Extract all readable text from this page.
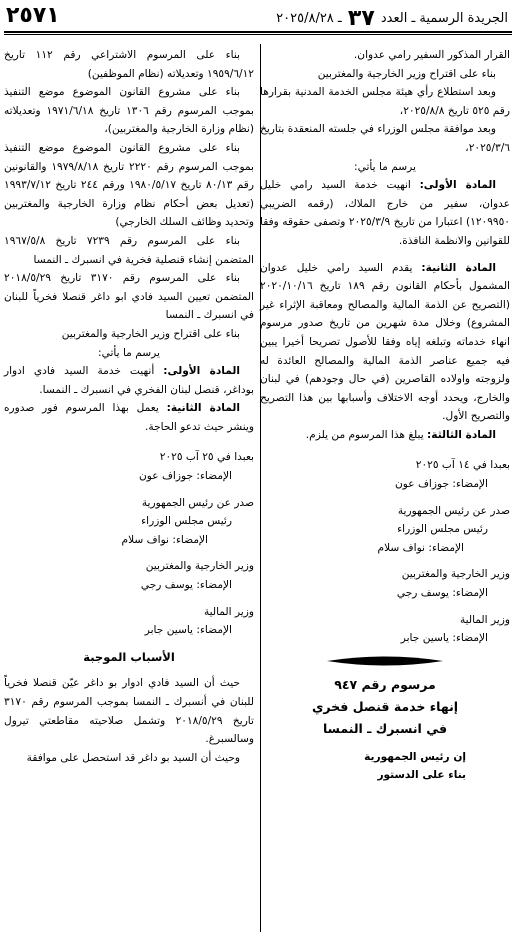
الجريدة الرسمية ـ العدد ٣٧ ـ ٢٠٢٥/٨/٢٨
٢٥٧١

القرار المذكور السفير رامي عدوان.

بناء على اقتراح وزير الخارجية والمغتربين

وبعد استطلاع رأي هيئة مجلس الخدمة المدنية بقرارها رقم ٥٢٥ تاريخ ٢٠٢٥/٨/٨،

وبعد موافقة مجلس الوزراء في جلسته المنعقدة بتاريخ ٢٠٢٥/٣/٦،

يرسم ما يأتي:

المادة الأولى: انهيت خدمة السيد رامي خليل عدوان، سفير من خارج الملاك، (رقمه الضريبي ١٢٠٩٩٥٠) اعتبارا من تاريخ ٢٠٢٥/٣/٩ وتصفى حقوقه وفقا للقوانين والانظمة النافذة.

المادة الثانية: يقدم السيد رامي خليل عدوان المشمول بأحكام القانون رقم ١٨٩ تاريخ ٢٠٢٠/١٠/١٦ (التصريح عن الذمة المالية والمصالح ومعاقبة الإثراء غير المشروع) وخلال مدة شهرين من تاريخ صدور مرسوم انهاء خدماته وتبلغه إياه وفقا للأصول تصريحا أخيرا يبين فيه جميع عناصر الذمة المالية والمصالح العائدة له ولزوجته واولاده القاصرين (في حال وجودهم) في لبنان والخارج، ويحدد أوجه الاختلاف وأسبابها بين هذا التصريح والتصريح الأول.

المادة الثالثة: يبلغ هذا المرسوم من يلزم.

بعبدا في ١٤ آب ٢٠٢٥

الإمضاء: جوزاف عون

صدر عن رئيس الجمهورية

رئيس مجلس الوزراء

الإمضاء: نواف سلام

وزير الخارجية والمغتربين

الإمضاء: يوسف رجي

وزير المالية

الإمضاء: ياسين جابر

مرسوم رقم ٩٤٧

إنهاء خدمة قنصل فخري

في انسبرك ـ النمسا

إن رئيس الجمهورية

بناء على الدستور

بناء على المرسوم الاشتراعي رقم ١١٢ تاريخ ١٩٥٩/٦/١٢ وتعديلاته (نظام الموظفين)

بناء على مشروع القانون الموضوع موضع التنفيذ بموجب المرسوم رقم ١٣٠٦ تاريخ ١٩٧١/٦/١٨ وتعديلاته (نظام وزارة الخارجية والمغتربين)،

بناء على مشروع القانون الموضوع موضع التنفيذ بموجب المرسوم رقم ٢٢٢٠ تاريخ ١٩٧٩/٨/١٨ والقانونين رقم ٨٠/١٣ تاريخ ١٩٨٠/٥/١٧ ورقم ٢٤٤ تاريخ ١٩٩٣/٧/١٢ (تعديل بعض أحكام نظام وزارة الخارجية والمغتربين وتحديد وظائف السلك الخارجي)

بناء على المرسوم رقم ٧٢٣٩ تاريخ ١٩٦٧/٥/٨ المتضمن إنشاء قنصلية فخرية في انسبرك ـ النمسا

بناء على المرسوم رقم ٣١٧٠ تاريخ ٢٠١٨/٥/٢٩ المتضمن تعيين السيد فادي ابو داغر قنصلا فخرياً للبنان في انسبرك ـ النمسا

بناء على اقتراح وزير الخارجية والمغتربين

يرسم ما يأتي:

المادة الأولى: أنهيت خدمة السيد فادي ادوار بوداغر، قنصل لبنان الفخري في انسبرك ـ النمسا.

المادة الثانية: يعمل بهذا المرسوم فور صدوره وينشر حيث تدعو الحاجة.

بعبدا في ٢٥ آب ٢٠٢٥

الإمضاء: جوزاف عون

صدر عن رئيس الجمهورية

رئيس مجلس الوزراء

الإمضاء: نواف سلام

وزير الخارجية والمغتربين

الإمضاء: يوسف رجي

وزير المالية

الإمضاء: ياسين جابر

الأسباب الموجبة

حيث أن السيد فادي ادوار بو داغر عيّن قنصلا فخرياً للبنان في أنسبرك ـ النمسا بموجب المرسوم رقم ٣١٧٠ تاريخ ٢٠١٨/٥/٢٩ وتشمل صلاحيته مقاطعتي تيرول وسالسبرغ.

وحيث أن السيد بو داغر قد استحصل على موافقة
